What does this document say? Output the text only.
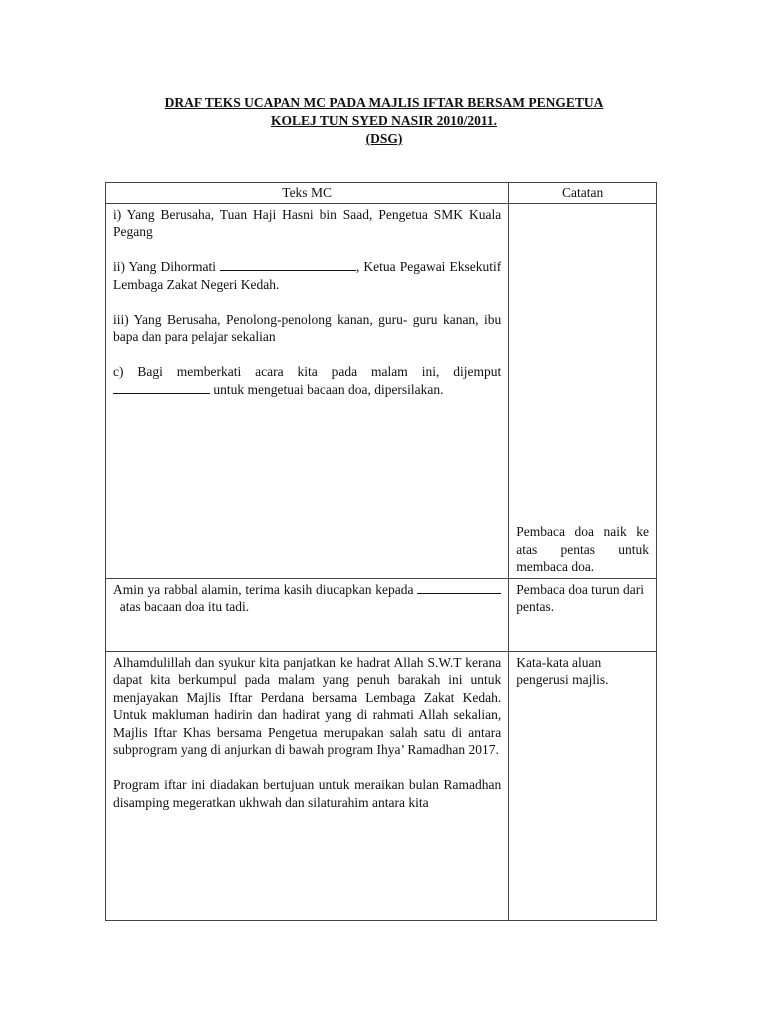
DRAF TEKS UCAPAN MC PADA MAJLIS IFTAR BERSAM PENGETUA
KOLEJ TUN SYED NASIR 2010/2011.
(DSG)
Teks MC	Catatan

i) Yang Berusaha, Tuan Haji Hasni bin Saad, Pengetua SMK Kuala Pegang

ii) Yang Dihormati , Ketua Pegawai Eksekutif Lembaga Zakat Negeri Kedah.

iii) Yang Berusaha, Penolong-penolong kanan, guru- guru kanan, ibu bapa dan para pelajar sekalian

c) Bagi memberkati acara kita pada malam ini, dijemput  untuk mengetuai bacaan doa, dipersilakan.	Pembaca doa naik ke atas pentas untuk membaca doa.

Amin ya rabbal alamin, terima kasih diucapkan kepada   atas bacaan doa itu tadi.	Pembaca doa turun dari pentas.

Alhamdulillah dan syukur kita panjatkan ke hadrat Allah S.W.T kerana dapat kita berkumpul pada malam yang penuh barakah ini untuk menjayakan Majlis Iftar Perdana bersama Lembaga Zakat Kedah. Untuk makluman hadirin dan hadirat yang di rahmati Allah sekalian, Majlis Iftar Khas bersama Pengetua merupakan salah satu di antara subprogram yang di anjurkan di bawah program Ihya’ Ramadhan 2017.

Program iftar ini diadakan bertujuan untuk meraikan bulan Ramadhan disamping megeratkan ukhwah dan silaturahim antara kita	Kata-kata aluan pengerusi majlis.
